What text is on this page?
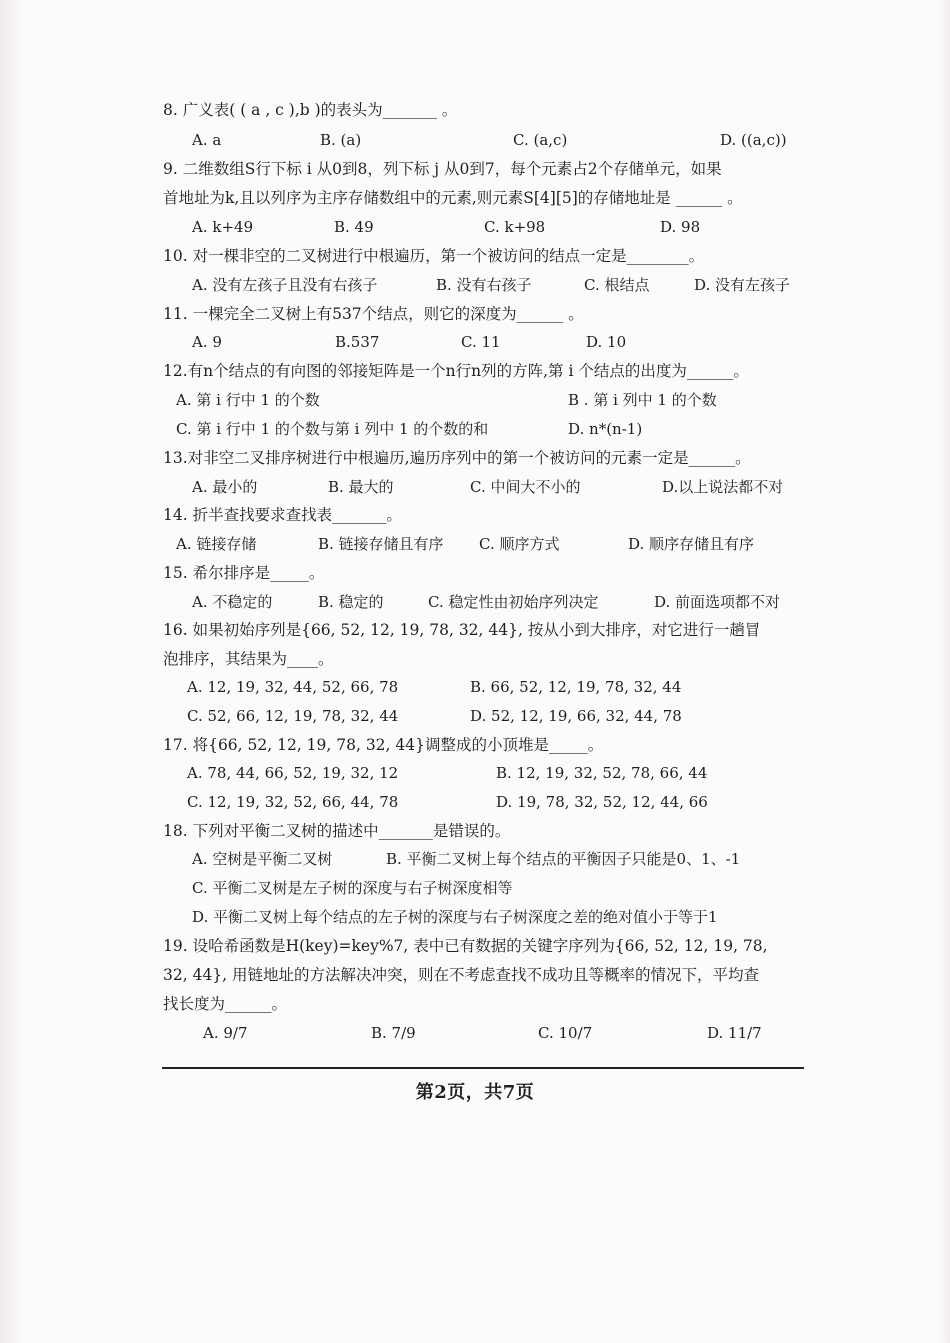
8. 广义表( ( a , c ),b )的表头为_______ 。
A. a	B. (a)	C. (a,c)	D. ((a,c))
9. 二维数组S行下标 i 从0到8，列下标 j 从0到7，每个元素占2个存储单元，如果
首地址为k,且以列序为主序存储数组中的元素,则元素S[4][5]的存储地址是 ______ 。
A. k+49	B. 49	C. k+98	D. 98
10. 对一棵非空的二叉树进行中根遍历，第一个被访问的结点一定是________。
A. 没有左孩子且没有右孩子	B. 没有右孩子	C. 根结点	D. 没有左孩子
11. 一棵完全二叉树上有537个结点，则它的深度为______ 。
A. 9	B.537	C. 11	D. 10
12.有n个结点的有向图的邻接矩阵是一个n行n列的方阵,第 i 个结点的出度为______。
A. 第 i 行中 1 的个数	B . 第 i 列中 1 的个数
C. 第 i 行中 1 的个数与第 i 列中 1 的个数的和	D. n*(n-1)
13.对非空二叉排序树进行中根遍历,遍历序列中的第一个被访问的元素一定是______。
A. 最小的	B. 最大的	C. 中间大不小的	D.以上说法都不对
14. 折半查找要求查找表_______。
A. 链接存储	B. 链接存储且有序 C. 顺序方式	D. 顺序存储且有序
15. 希尔排序是_____。
A. 不稳定的	B. 稳定的	C. 稳定性由初始序列决定	D. 前面选项都不对
16. 如果初始序列是{66, 52, 12, 19, 78, 32, 44}, 按从小到大排序，对它进行一趟冒
泡排序，其结果为____。
A. 12, 19, 32, 44, 52, 66, 78	B. 66, 52, 12, 19, 78, 32, 44
C. 52, 66, 12, 19, 78, 32, 44	D. 52, 12, 19, 66, 32, 44, 78
17. 将{66, 52, 12, 19, 78, 32, 44}调整成的小顶堆是_____。
A. 78, 44, 66, 52, 19, 32, 12	B. 12, 19, 32, 52, 78, 66, 44
C. 12, 19, 32, 52, 66, 44, 78	D. 19, 78, 32, 52, 12, 44, 66
18. 下列对平衡二叉树的描述中_______是错误的。
A. 空树是平衡二叉树	B. 平衡二叉树上每个结点的平衡因子只能是0、1、-1
C. 平衡二叉树是左子树的深度与右子树深度相等
D. 平衡二叉树上每个结点的左子树的深度与右子树深度之差的绝对值小于等于1
19. 设哈希函数是H(key)=key%7, 表中已有数据的关键字序列为{66, 52, 12, 19, 78,
32, 44}, 用链地址的方法解决冲突，则在不考虑查找不成功且等概率的情况下，平均查
找长度为______。
A. 9/7	B. 7/9	C. 10/7	D. 11/7
第2页，共7页
